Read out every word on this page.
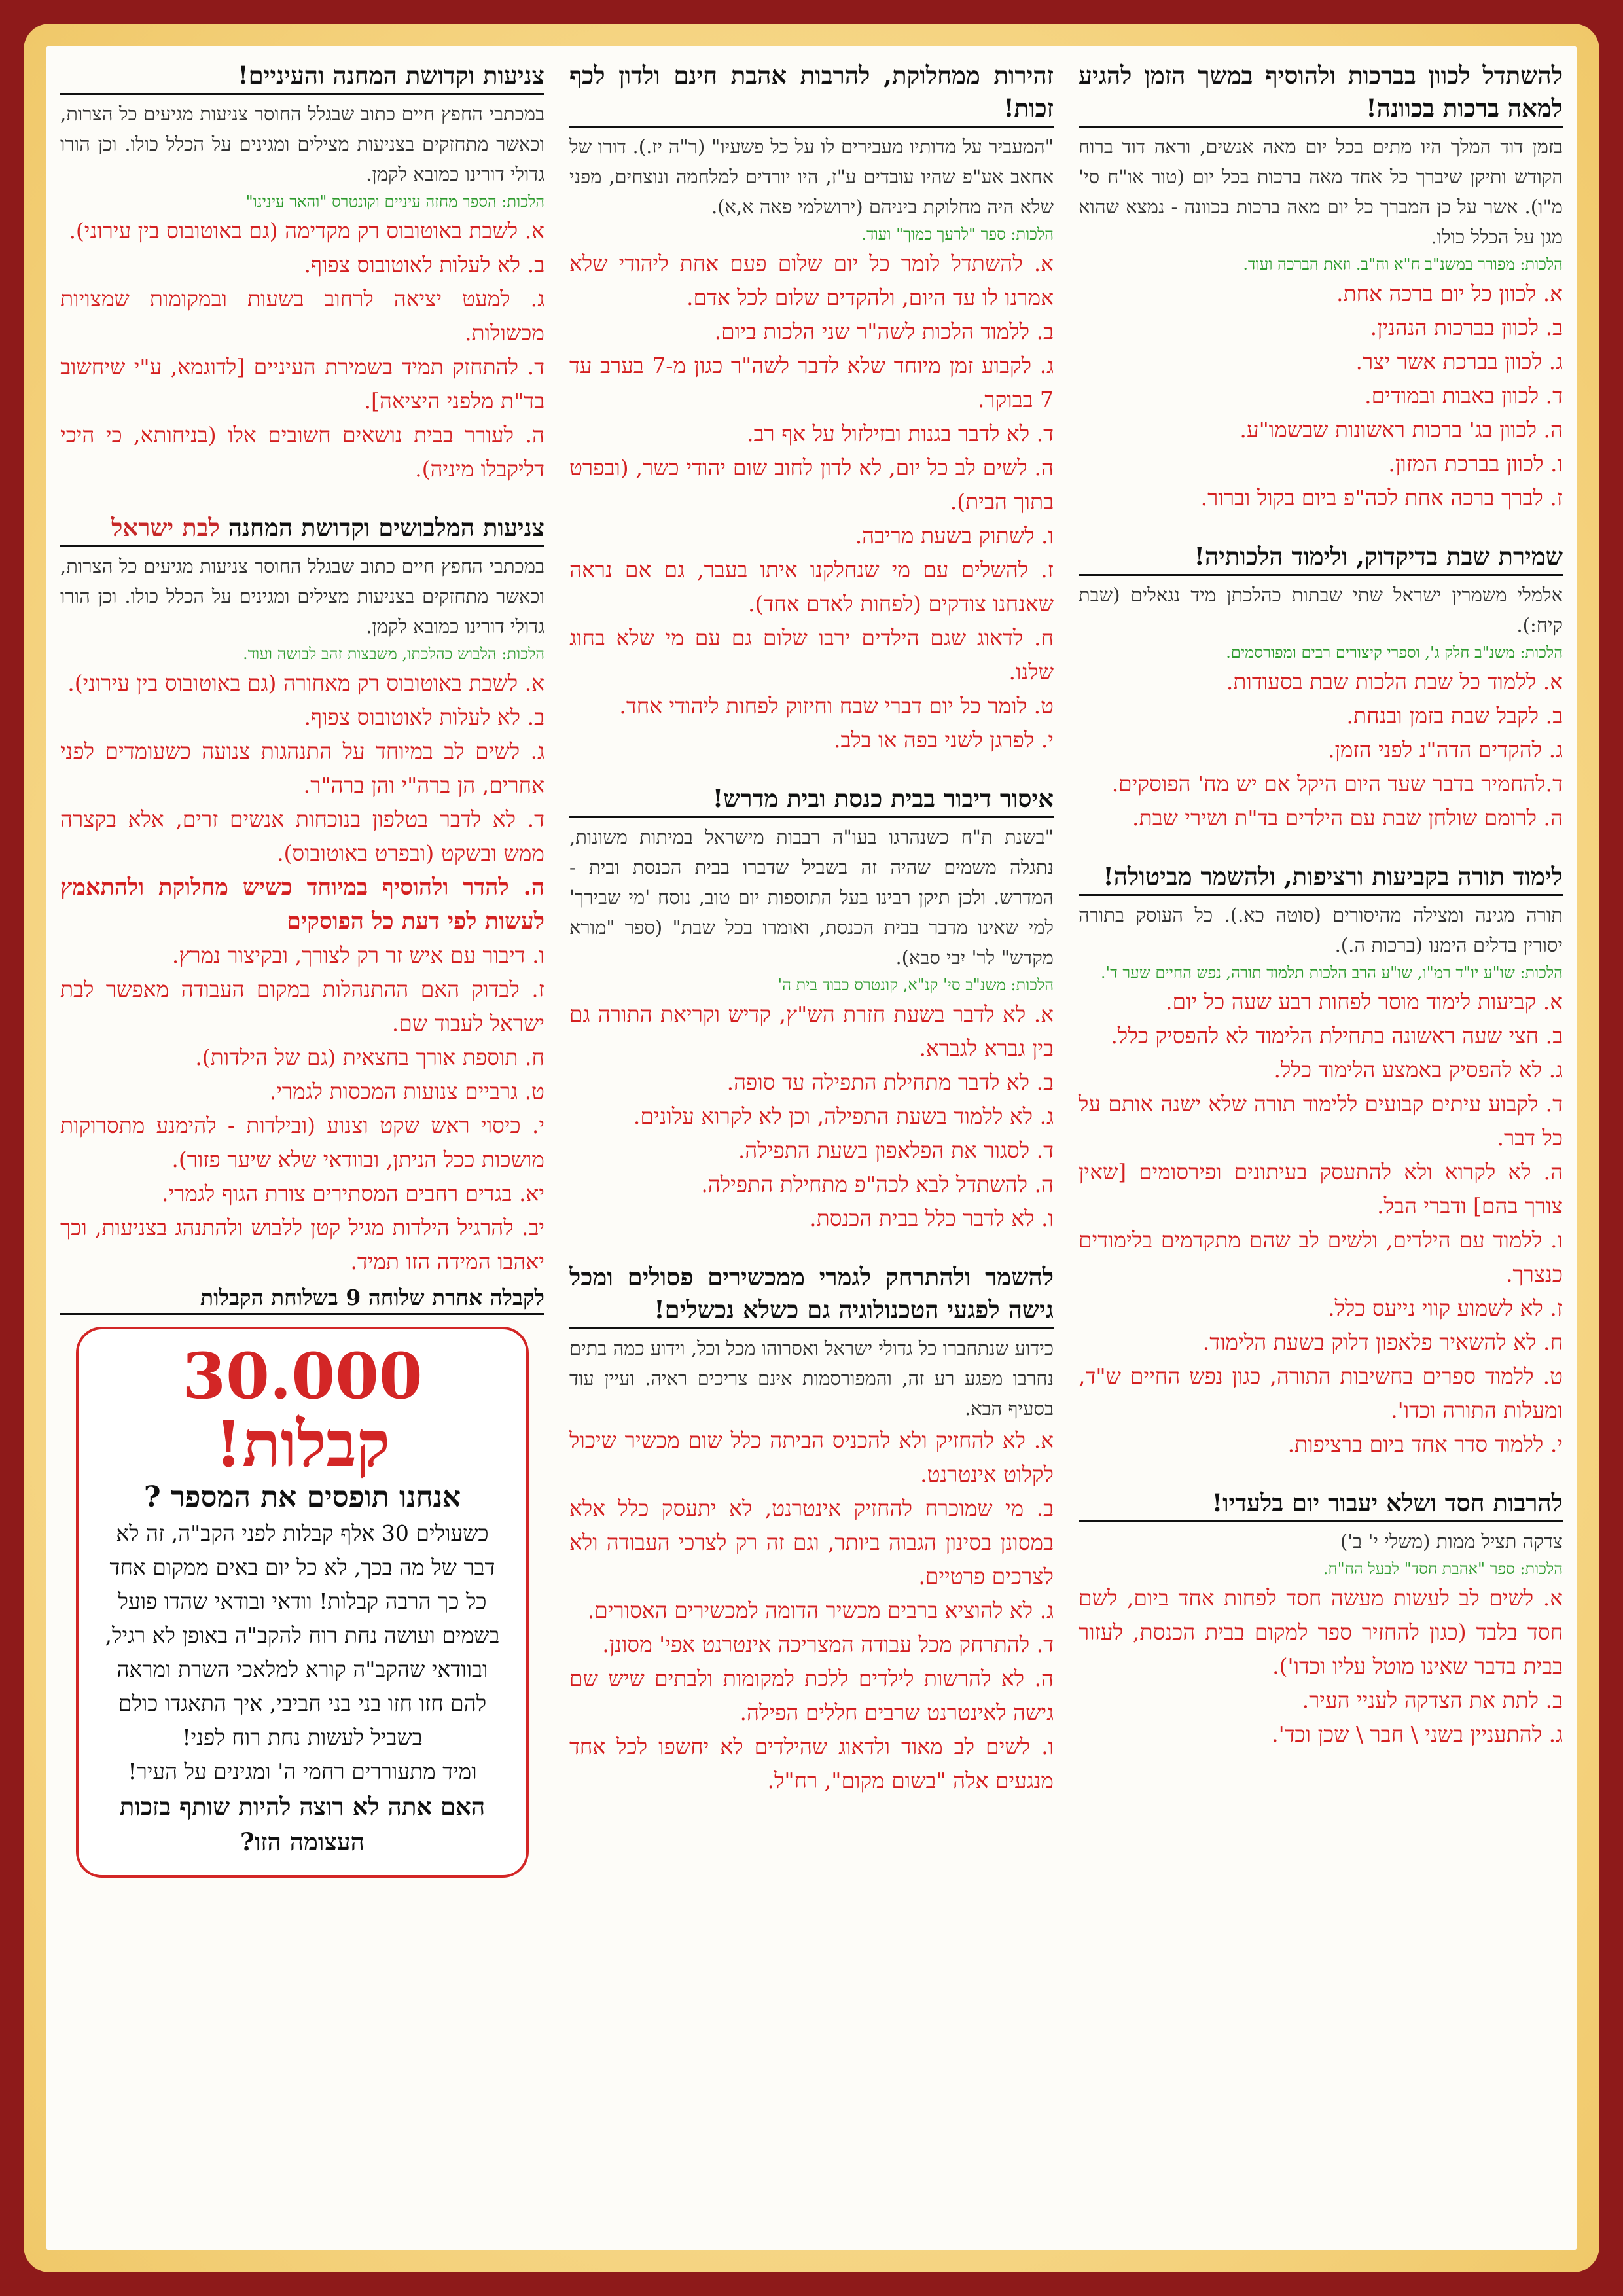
להשתדל לכוון בברכות ולהוסיף במשך הזמן להגיע למאה ברכות בכוונה!
בזמן דוד המלך היו מתים בכל יום מאה אנשים, וראה דוד ברוח הקודש ותיקן שיברך כל אחד מאה ברכות בכל יום (טור או"ח סי' מ"ו). אשר על כן המברך כל יום מאה ברכות בכוונה - נמצא שהוא מגן על הכלל כולו.
הלכות: מפורר במשנ"ב ח"א וח"ב. וזאת הברכה ועוד.
א. לכוון כל יום ברכה אחת.
ב. לכוון בברכות הנהנין.
ג. לכוון בברכת אשר יצר.
ד. לכוון באבות ובמודים.
ה. לכוון בג' ברכות ראשונות שבשמו"ע.
ו. לכוון בברכת המזון.
ז. לברך ברכה אחת לכה"פ ביום בקול וברור.
שמירת שבת בדיקדוק, ולימוד הלכותיה!
אלמלי משמרין ישראל שתי שבתות כהלכתן מיד נגאלים (שבת קיח:).
הלכות: משנ"ב חלק ג', וספרי קיצורים רבים ומפורסמים.
א. ללמוד כל שבת הלכות שבת בסעודות.
ב. לקבל שבת בזמן ובנחת.
ג. להקדים הדה"נ לפני הזמן.
ד.להחמיר בדבר שעד היום היקל אם יש מח' הפוסקים.
ה. לרומם שולחן שבת עם הילדים בד"ת ושירי שבת.
לימוד תורה בקביעות ורציפות, ולהשמר מביטולה!
תורה מגינה ומצילה מהיסורים (סוטה כא.). כל העוסק בתורה יסורין בדלים הימנו (ברכות ה.).
הלכות: שו"ע יו"ד רמ"ו, שו"ע הרב הלכות תלמוד תורה, נפש החיים שער ד'.
א. קביעות לימוד מוסר לפחות רבע שעה כל יום.
ב. חצי שעה ראשונה בתחילת הלימוד לא להפסיק כלל.
ג. לא להפסיק באמצע הלימוד כלל.
ד. לקבוע עיתים קבועים ללימוד תורה שלא ישנה אותם על כל דבר.
ה. לא לקרוא ולא להתעסק בעיתונים ופירסומים [שאין צורך בהם] ודברי הבל.
ו. ללמוד עם הילדים, ולשים לב שהם מתקדמים בלימודים כנצרך.
ז. לא לשמוע קווי נייעס כלל.
ח. לא להשאיר פלאפון דלוק בשעת הלימוד.
ט. ללמוד ספרים בחשיבות התורה, כגון נפש החיים ש"ד, ומעלות התורה וכדו'.
י. ללמוד סדר אחד ביום ברציפות.
להרבות חסד ושלא יעבור יום בלעדיו!
צדקה תציל ממות (משלי י' ב')
הלכות: ספר "אהבת חסד" לבעל הח"ח.
א. לשים לב לעשות מעשה חסד לפחות אחד ביום, לשם חסד בלבד (כגון להחזיר ספר למקום בבית הכנסת, לעזור בבית בדבר שאינו מוטל עליו וכדו').
ב. לתת את הצדקה לעניי העיר.
ג. להתעניין בשני \ חבר \ שכן וכד'.
זהירות ממחלוקת, להרבות אהבת חינם ולדון לכף זכות!
"המעביר על מדותיו מעבירים לו על כל פשעיו" (ר"ה יז.). דורו של אחאב אע"פ שהיו עובדים ע"ז, היו יורדים למלחמה ונוצחים, מפני שלא היה מחלוקת ביניהם (ירושלמי פאה א,א).
הלכות: ספר "לרעך כמוך" ועוד.
א. להשתדל לומר כל יום שלום פעם אחת ליהודי שלא אמרנו לו עד היום, ולהקדים שלום לכל אדם.
ב. ללמוד הלכות לשה"ר שני הלכות ביום.
ג. לקבוע זמן מיוחד שלא לדבר לשה"ר כגון מ-7 בערב עד 7 בבוקר.
ד. לא לדבר בגנות ובזילזול על אף רב.
ה. לשים לב כל יום, לא לדון לחוב שום יהודי כשר, (ובפרט בתוך הבית).
ו. לשתוק בשעת מריבה.
ז. להשלים עם מי שנחלקנו איתו בעבר, גם אם נראה שאנחנו צודקים (לפחות לאדם אחד).
ח. לדאוג שגם הילדים ירבו שלום גם עם מי שלא בחוג שלנו.
ט. לומר כל יום דברי שבח וחיזוק לפחות ליהודי אחד.
י. לפרגן לשני בפה או בלב.
איסור דיבור בבית כנסת ובית מדרש!
"בשנת ת"ח כשנהרגו בעו"ה רבבות מישראל במיתות משונות, נתגלה משמים שהיה זה בשביל שדברו בבית הכנסת ובית - המדרש. ולכן תיקן רבינו בעל התוספות יום טוב, נוסח 'מי שבירך' למי שאינו מדבר בבית הכנסת, ואומרו בכל שבת" (ספר "מורא מקדש" לר' יִבי סבא).
הלכות: משנ"ב סי' קנ"א, קונטרס כבוד בית ה'
א. לא לדבר בשעת חזרת הש"ץ, קדיש וקריאת התורה גם בין גברא לגברא.
ב. לא לדבר מתחילת התפילה עד סופה.
ג. לא ללמוד בשעת התפילה, וכן לא לקרוא עלונים.
ד. לסגור את הפלאפון בשעת התפילה.
ה. להשתדל לבא לכה"פ מתחילת התפילה.
ו. לא לדבר כלל בבית הכנסת.
להשמר ולהתרחק לגמרי ממכשירים פסולים ומכל גישה לפגעי הטכנולוגיה גם כשלא נכשלים!
כידוע שנתחברו כל גדולי ישראל ואסרוהו מכל וכל, וידוע כמה בתים נחרבו מפגע רע זה, והמפורסמות אינם צריכים ראיה. ועיין עוד בסעיף הבא.
א. לא להחזיק ולא להכניס הביתה כלל שום מכשיר שיכול לקלוט אינטרנט.
ב. מי שמוכרח להחזיק אינטרנט, לא יתעסק כלל אלא במסונן בסינון הגבוה ביותר, וגם זה רק לצרכי העבודה ולא לצרכים פרטיים.
ג. לא להוציא ברבים מכשיר הדומה למכשירים האסורים.
ד. להתרחק מכל עבודה המצריכה אינטרנט אפי' מסונן.
ה. לא להרשות לילדים ללכת למקומות ולבתים שיש שם גישה לאינטרנט שרבים חללים הפילה.
ו. לשים לב מאוד ולדאוג שהילדים לא יחשפו לכל אחד מנגעים אלה "בשום מקום", רח"ל.
צניעות וקדושת המחנה והעיניים!
במכתבי החפץ חיים כתוב שבגלל החוסר צניעות מגיעים כל הצרות, וכאשר מתחזקים בצניעות מצילים ומגינים על הכלל כולו. וכן הורו גדולי דורינו כמובא לקמן.
הלכות: הספר מחזה עיניים וקונטרס "והאר עינינו"
א. לשבת באוטובוס רק מקדימה (גם באוטובוס בין עירוני).
ב. לא לעלות לאוטובוס צפוף.
ג. למעט יציאה לרחוב בשעות ובמקומות שמצויות מכשולות.
ד. להתחזק תמיד בשמירת העיניים [לדוגמא, ע"י שיחשוב בד"ת מלפני היציאה].
ה. לעורר בבית נושאים חשובים אלו (בניחותא, כי היכי דליקבלו מיניה).
צניעות המלבושים וקדושת המחנה לבת ישראל
במכתבי החפץ חיים כתוב שבגלל החוסר צניעות מגיעים כל הצרות, וכאשר מתחזקים בצניעות מצילים ומגינים על הכלל כולו. וכן הורו גדולי דורינו כמובא לקמן.
הלכות: הלבוש כהלכתו, משבצות זהב לבושה ועוד.
א. לשבת באוטובוס רק מאחורה (גם באוטובוס בין עירוני).
ב. לא לעלות לאוטובוס צפוף.
ג. לשים לב במיוחד על התנהגות צנועה כשעומדים לפני אחרים, הן ברה"י והן ברה"ר.
ד. לא לדבר בטלפון בנוכחות אנשים זרים, אלא בקצרה ממש ובשקט (ובפרט באוטובוס).
ה. להדר ולהוסיף במיוחד כשיש מחלוקת ולהתאמץ לעשות לפי דעת כל הפוסקים
ו. דיבור עם איש זר רק לצורך, ובקיצור נמרץ.
ז. לבדוק האם ההתנהלות במקום העבודה מאפשר לבת ישראל לעבוד שם.
ח. תוספת אורך בחצאית (גם של הילדות).
ט. גרביים צנועות המכסות לגמרי.
י. כיסוי ראש שקט וצנוע (ובילדות - להימנע מתסרוקות מושכות ככל הניתן, ובוודאי שלא שיער פזור).
יא. בגדים רחבים המסתירים צורת הגוף לגמרי.
יב. להרגיל הילדות מגיל קטן ללבוש ולהתנהג בצניעות, וכך יאהבו המידה הזו תמיד.
לקבלה אחרת שלוחה 9 בשלוחת הקבלות
30.000 קבלות!
אנחנו תופסים את המספר ?
כשעולים 30 אלף קבלות לפני הקב"ה, זה לא דבר של מה בכך, לא כל יום באים ממקום אחד כל כך הרבה קבלות! וודאי ובודאי שהדו פועל בשמים ועושה נחת רוח להקב"ה באופן לא רגיל, ובוודאי שהקב"ה קורא למלאכי השרת ומראה להם חזו חזו בני בני חביבי, איך התאגדו כולם בשביל לעשות נחת רוח לפני!
ומיד מתעוררים רחמי ה' ומגינים על העיר!
האם אתה לא רוצה להיות שותף בזכות העצומה הזו?
